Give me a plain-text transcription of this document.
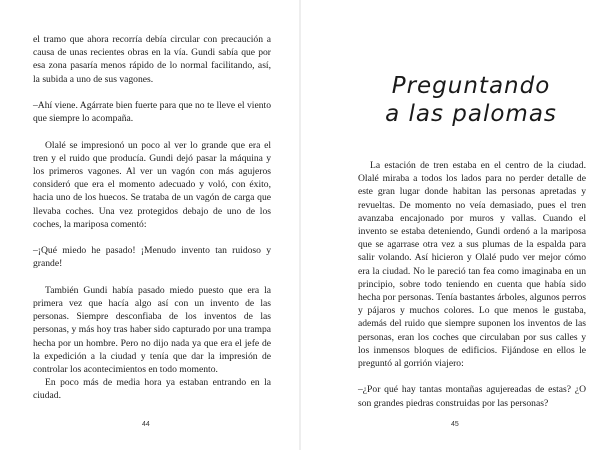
el tramo que ahora recorría debía circular con precaución a causa de unas recientes obras en la vía. Gundi sabía que por esa zona pasaría menos rápido de lo normal facilitando, así, la subida a uno de sus vagones.

–Ahí viene. Agárrate bien fuerte para que no te lleve el viento que siempre lo acompaña.

Olalé se impresionó un poco al ver lo grande que era el tren y el ruido que producía. Gundi dejó pasar la máquina y los primeros vagones. Al ver un vagón con más agujeros consideró que era el momento adecuado y voló, con éxito, hacia uno de los huecos. Se trataba de un vagón de carga que llevaba coches. Una vez protegidos debajo de uno de los coches, la mariposa comentó:

–¡Qué miedo he pasado! ¡Menudo invento tan ruidoso y grande!

También Gundi había pasado miedo puesto que era la primera vez que hacía algo así con un invento de las personas. Siempre desconfiaba de los inventos de las personas, y más hoy tras haber sido capturado por una trampa hecha por un hombre. Pero no dijo nada ya que era el jefe de la expedición a la ciudad y tenía que dar la impresión de controlar los acontecimientos en todo momento.

En poco más de media hora ya estaban entrando en la ciudad.

44
Preguntando
a las palomas

La estación de tren estaba en el centro de la ciudad. Olalé miraba a todos los lados para no perder detalle de este gran lugar donde habitan las personas apretadas y revueltas. De momento no veía demasiado, pues el tren avanzaba encajonado por muros y vallas. Cuando el invento se estaba deteniendo, Gundi ordenó a la mariposa que se agarrase otra vez a sus plumas de la espalda para salir volando. Así hicieron y Olalé pudo ver mejor cómo era la ciudad. No le pareció tan fea como imaginaba en un principio, sobre todo teniendo en cuenta que había sido hecha por personas. Tenía bastantes árboles, algunos perros y pájaros y muchos colores. Lo que menos le gustaba, además del ruido que siempre suponen los inventos de las personas, eran los coches que circulaban por sus calles y los inmensos bloques de edificios. Fijándose en ellos le preguntó al gorrión viajero:

–¿Por qué hay tantas montañas agujereadas de estas? ¿O son grandes piedras construidas por las personas?

45
